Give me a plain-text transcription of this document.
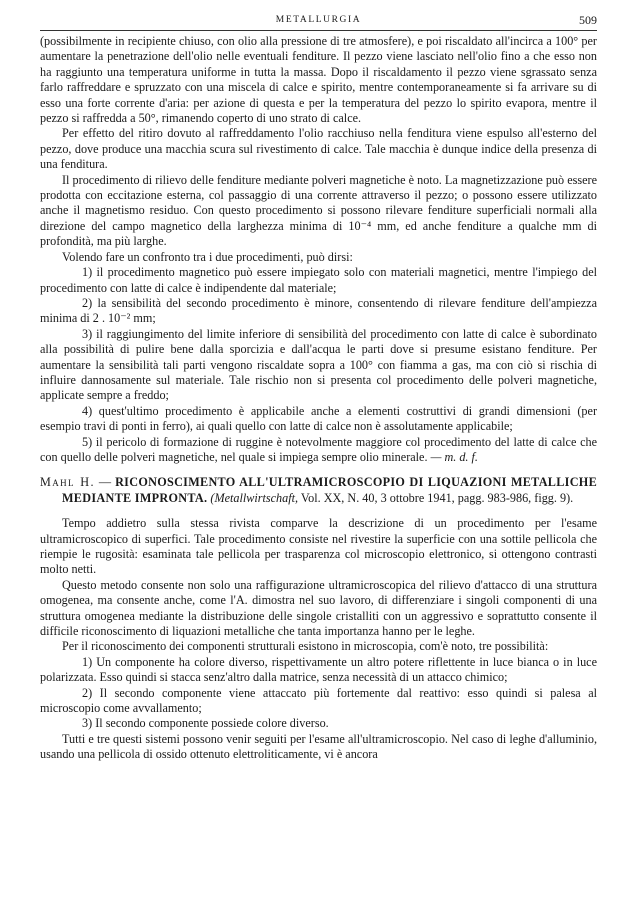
METALLURGIA	509

(possibilmente in recipiente chiuso, con olio alla pressione di tre atmosfere), e poi riscaldato all'incirca a 100° per aumentare la penetrazione dell'olio nelle eventuali fenditure. Il pezzo viene lasciato nell'olio fino a che esso non ha raggiunto una temperatura uniforme in tutta la massa. Dopo il riscaldamento il pezzo viene sgrassato senza farlo raffreddare e spruzzato con una miscela di calce e spirito, mentre contemporaneamente si fa arrivare su di esso una forte corrente d'aria: per azione di questa e per la temperatura del pezzo lo spirito evapora, mentre il pezzo si raffredda a 50°, rimanendo coperto di uno strato di calce.

Per effetto del ritiro dovuto al raffreddamento l'olio racchiuso nella fenditura viene espulso all'esterno del pezzo, dove produce una macchia scura sul rivestimento di calce. Tale macchia è dunque indice della presenza di una fenditura.

Il procedimento di rilievo delle fenditure mediante polveri magnetiche è noto. La magnetizzazione può essere prodotta con eccitazione esterna, col passaggio di una corrente attraverso il pezzo; o possono essere utilizzato anche il magnetismo residuo. Con questo procedimento si possono rilevare fenditure superficiali normali alla direzione del campo magnetico della larghezza minima di 10⁻⁴ mm, ed anche fenditure a qualche mm di profondità, ma più larghe.

Volendo fare un confronto tra i due procedimenti, può dirsi:

1) il procedimento magnetico può essere impiegato solo con materiali magnetici, mentre l'impiego del procedimento con latte di calce è indipendente dal materiale;

2) la sensibilità del secondo procedimento è minore, consentendo di rilevare fenditure dell'ampiezza minima di 2 . 10⁻² mm;

3) il raggiungimento del limite inferiore di sensibilità del procedimento con latte di calce è subordinato alla possibilità di pulire bene dalla sporcizia e dall'acqua le parti dove si presume esistano fenditure. Per aumentare la sensibilità tali parti vengono riscaldate sopra a 100° con fiamma a gas, ma con ciò si rischia di influire dannosamente sul materiale. Tale rischio non si presenta col procedimento delle polveri magnetiche, applicate sempre a freddo;

4) quest'ultimo procedimento è applicabile anche a elementi costruttivi di grandi dimensioni (per esempio travi di ponti in ferro), ai quali quello con latte di calce non è assolutamente applicabile;

5) il pericolo di formazione di ruggine è notevolmente maggiore col procedimento del latte di calce che con quello delle polveri magnetiche, nel quale si impiega sempre olio minerale. — m. d. f.

Mahl H. — RICONOSCIMENTO ALL'ULTRAMICROSCOPIO DI LIQUAZIONI METALLICHE MEDIANTE IMPRONTA. (Metallwirtschaft, Vol. XX, N. 40, 3 ottobre 1941, pagg. 983-986, figg. 9).

Tempo addietro sulla stessa rivista comparve la descrizione di un procedimento per l'esame ultramicroscopico di superfici. Tale procedimento consiste nel rivestire la superficie con una sottile pellicola che riempie le rugosità: esaminata tale pellicola per trasparenza col microscopio elettronico, si ottengono contrasti molto netti.

Questo metodo consente non solo una raffigurazione ultramicroscopica del rilievo d'attacco di una struttura omogenea, ma consente anche, come l'A. dimostra nel suo lavoro, di differenziare i singoli componenti di una struttura omogenea mediante la distribuzione delle singole cristalliti con un aggressivo e soprattutto consente il difficile riconoscimento di liquazioni metalliche che tanta importanza hanno per le leghe.

Per il riconoscimento dei componenti strutturali esistono in microscopia, com'è noto, tre possibilità:

1) Un componente ha colore diverso, rispettivamente un altro potere riflettente in luce bianca o in luce polarizzata. Esso quindi si stacca senz'altro dalla matrice, senza necessità di un attacco chimico;

2) Il secondo componente viene attaccato più fortemente dal reattivo: esso quindi si palesa al microscopio come avvallamento;

3) Il secondo componente possiede colore diverso.

Tutti e tre questi sistemi possono venir seguiti per l'esame all'ultramicroscopio. Nel caso di leghe d'alluminio, usando una pellicola di ossido ottenuto elettroliticamente, vi è ancora
